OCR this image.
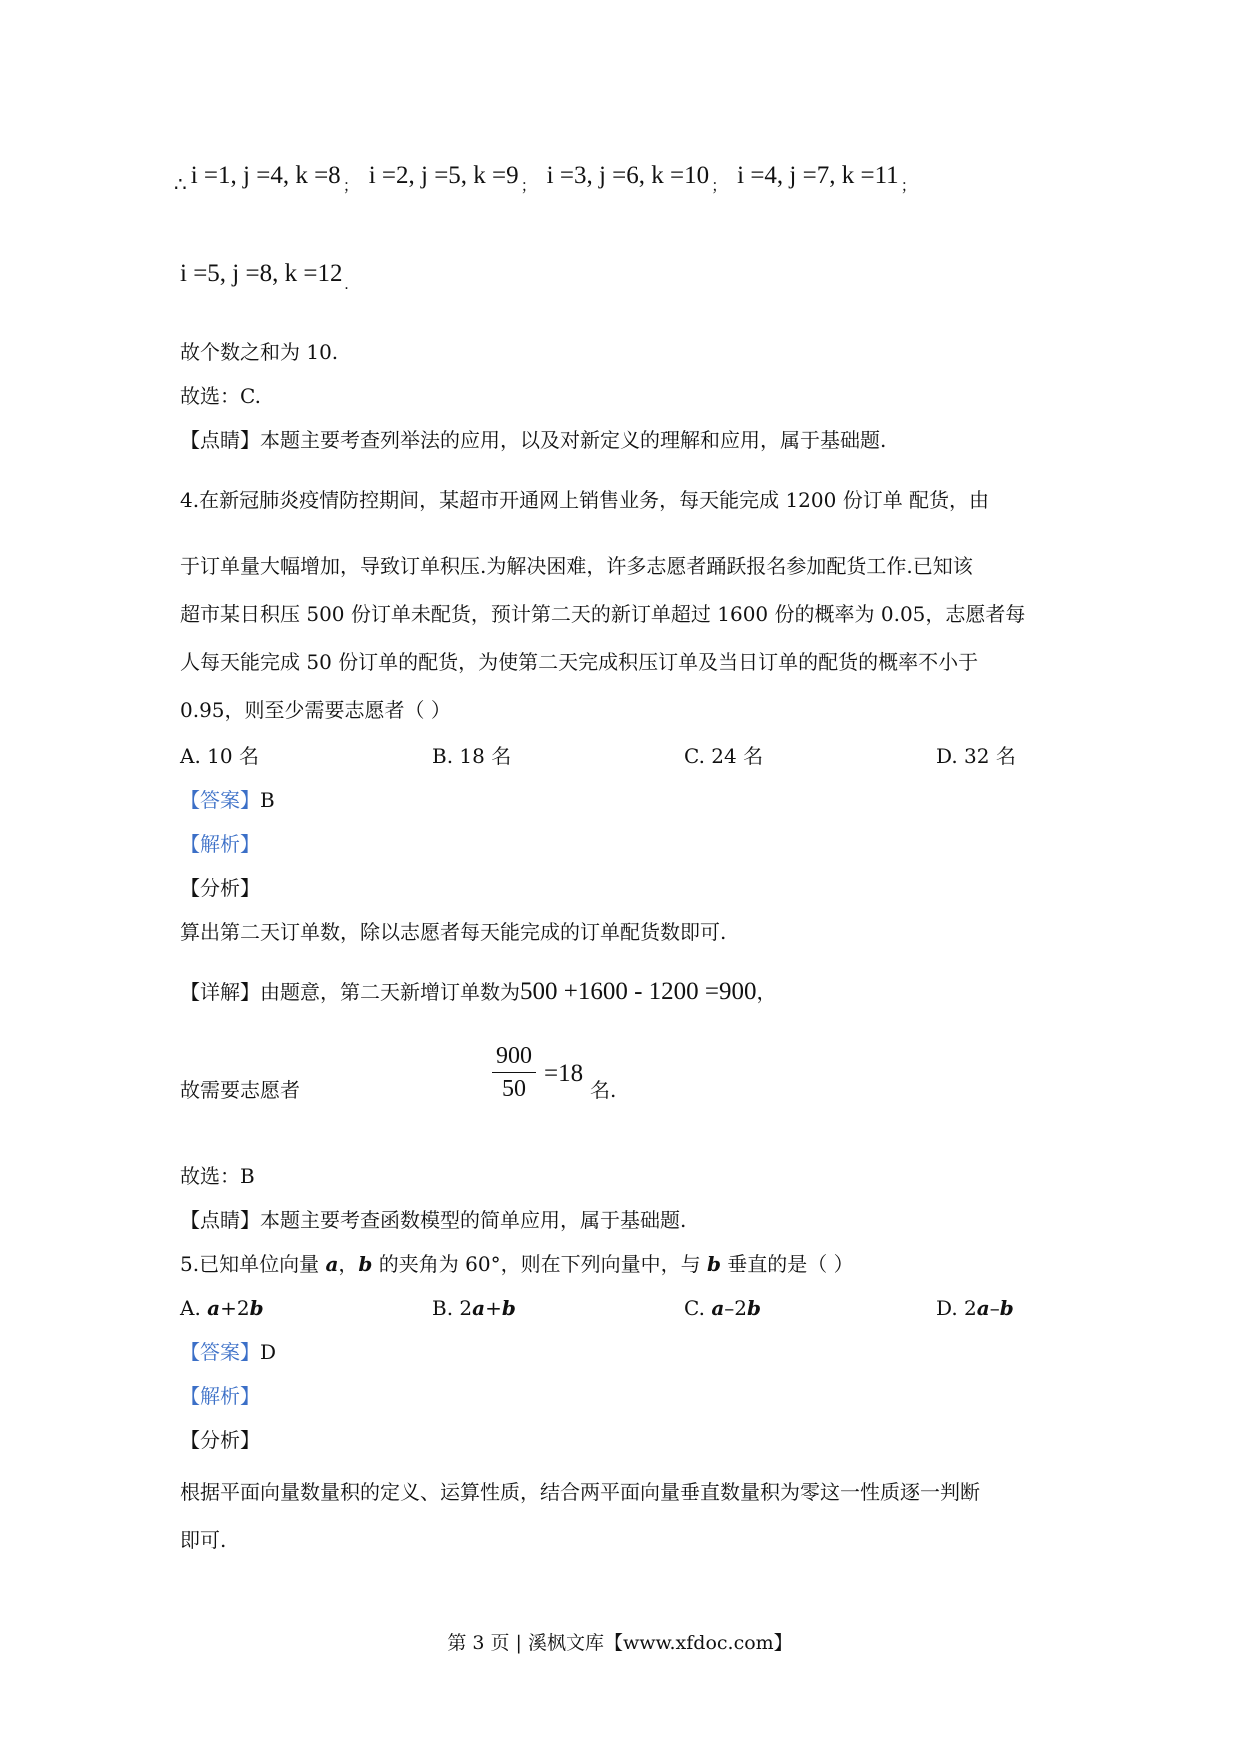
$_\therefore$ i =1, j =4, k =8 $_;$ i =2, j =5, k =9 $_;$ i =3, j =6, k =10 $_;$ i =4, j =7, k =11 $_;$
i =5, j =8, k =12 $_.$
故个数之和为 10.
故选：C.
【点睛】本题主要考查列举法的应用，以及对新定义的理解和应用，属于基础题.
4.在新冠肺炎疫情防控期间，某超市开通网上销售业务，每天能完成 1200 份订单 配货，由
于订单量大幅增加，导致订单积压.为解决困难，许多志愿者踊跃报名参加配货工作.已知该
超市某日积压 500 份订单未配货，预计第二天的新订单超过 1600 份的概率为 0.05，志愿者每
人每天能完成 50 份订单的配货，为使第二天完成积压订单及当日订单的配货的概率不小于
0.95，则至少需要志愿者（ ）
A. 10 名	B. 18 名	C. 24 名	D. 32 名
【答案】B
【解析】
【分析】
算出第二天订单数，除以志愿者每天能完成的订单配货数即可.
【详解】由题意，第二天新增订单数为500 +1600 - 1200 =900，
故需要志愿者	$\frac{900}{50} =18$
名.
故选：B
【点睛】本题主要考查函数模型的简单应用，属于基础题.
5.已知单位向量 a，b 的夹角为 60°，则在下列向量中，与 b 垂直的是（ ）
A. a+2b	B. 2a+b	C. a–2b	D. 2a–b
【答案】D
【解析】
【分析】
根据平面向量数量积的定义、运算性质，结合两平面向量垂直数量积为零这一性质逐一判断
即可.
第 3 页 | 溪枫文库【www.xfdoc.com】
